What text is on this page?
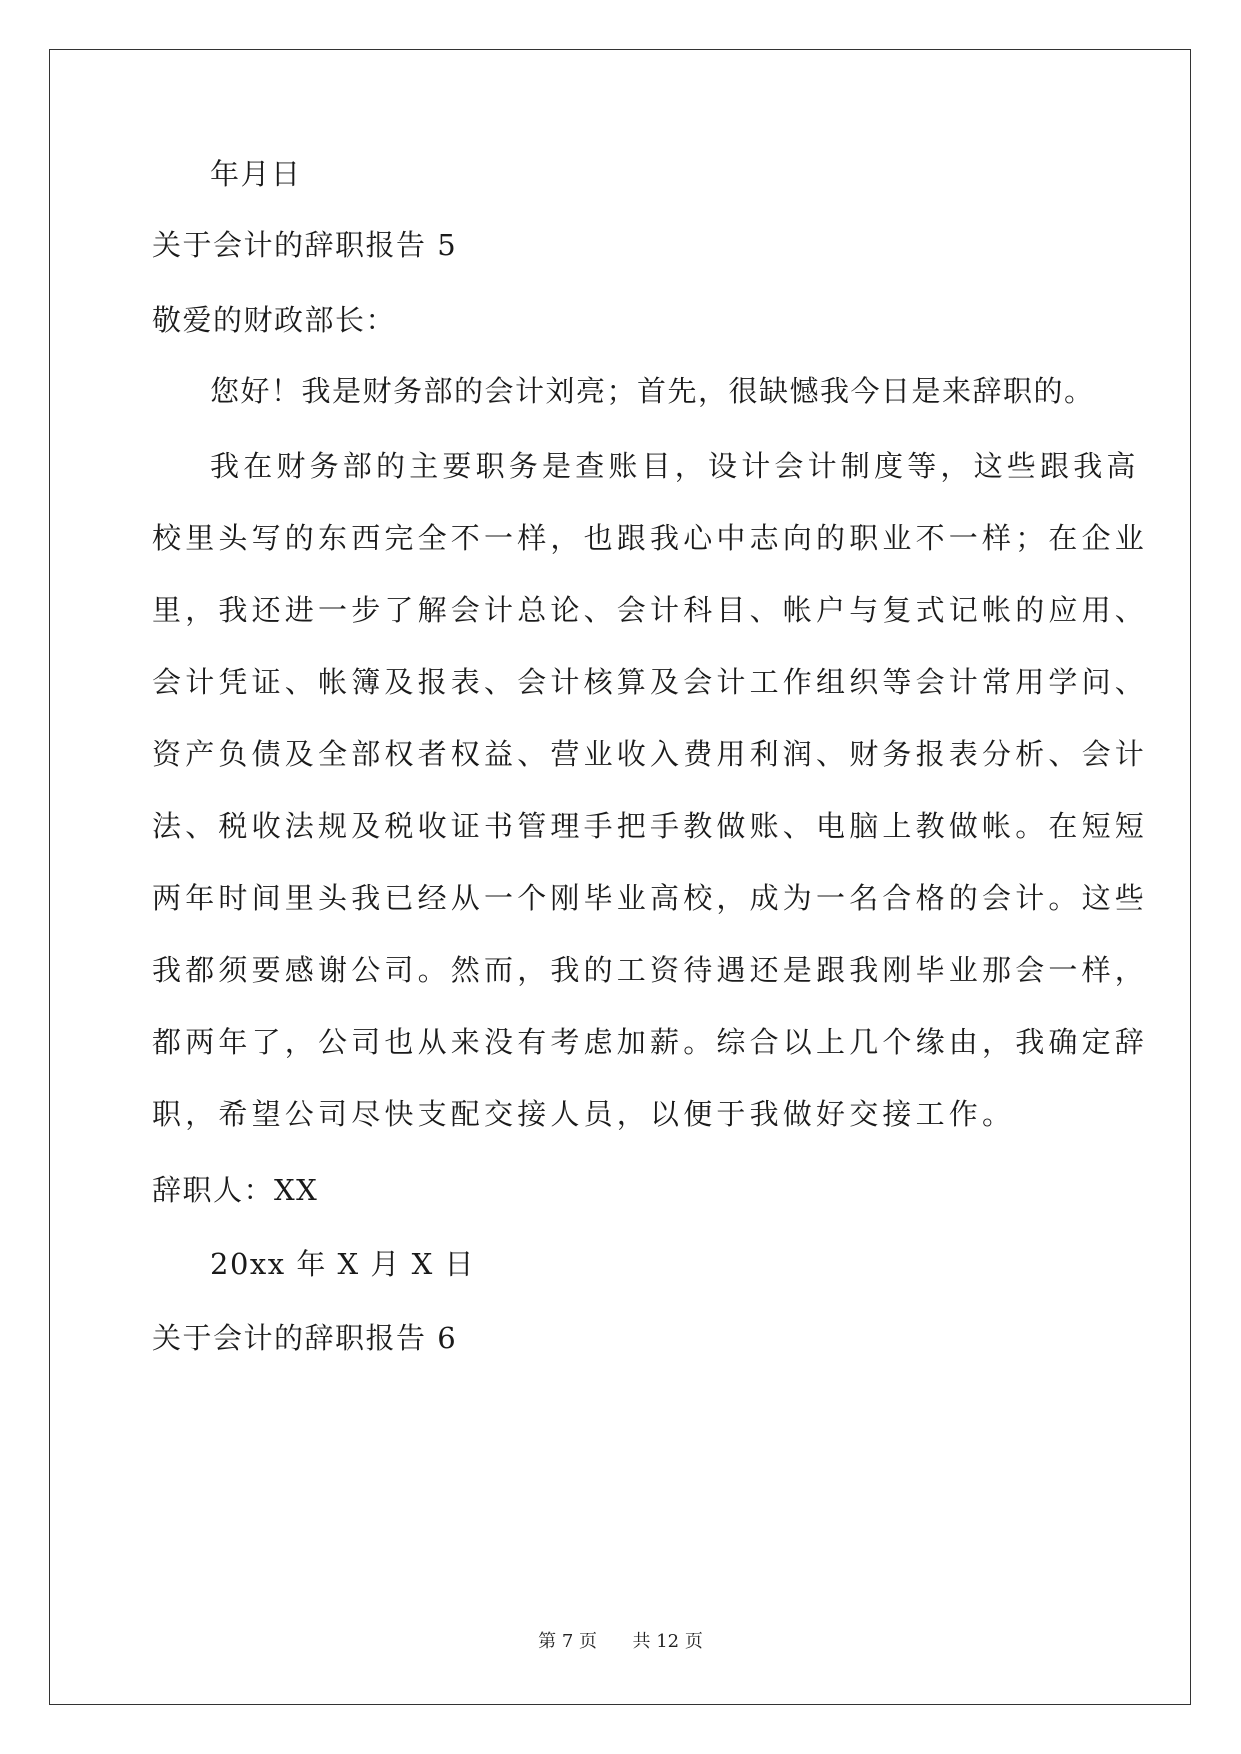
年月日
关于会计的辞职报告 5
敬爱的财政部长：
您好！我是财务部的会计刘亮；首先，很缺憾我今日是来辞职的。
我在财务部的主要职务是查账目，设计会计制度等，这些跟我高
校里头写的东西完全不一样，也跟我心中志向的职业不一样；在企业
里，我还进一步了解会计总论、会计科目、帐户与复式记帐的应用、
会计凭证、帐簿及报表、会计核算及会计工作组织等会计常用学问、
资产负债及全部权者权益、营业收入费用利润、财务报表分析、会计
法、税收法规及税收证书管理手把手教做账、电脑上教做帐。在短短
两年时间里头我已经从一个刚毕业高校，成为一名合格的会计。这些
我都须要感谢公司。然而，我的工资待遇还是跟我刚毕业那会一样，
都两年了，公司也从来没有考虑加薪。综合以上几个缘由，我确定辞
职，希望公司尽快支配交接人员，以便于我做好交接工作。
辞职人：XX
20xx 年 X 月 X 日
关于会计的辞职报告 6
第 7 页 共 12 页
